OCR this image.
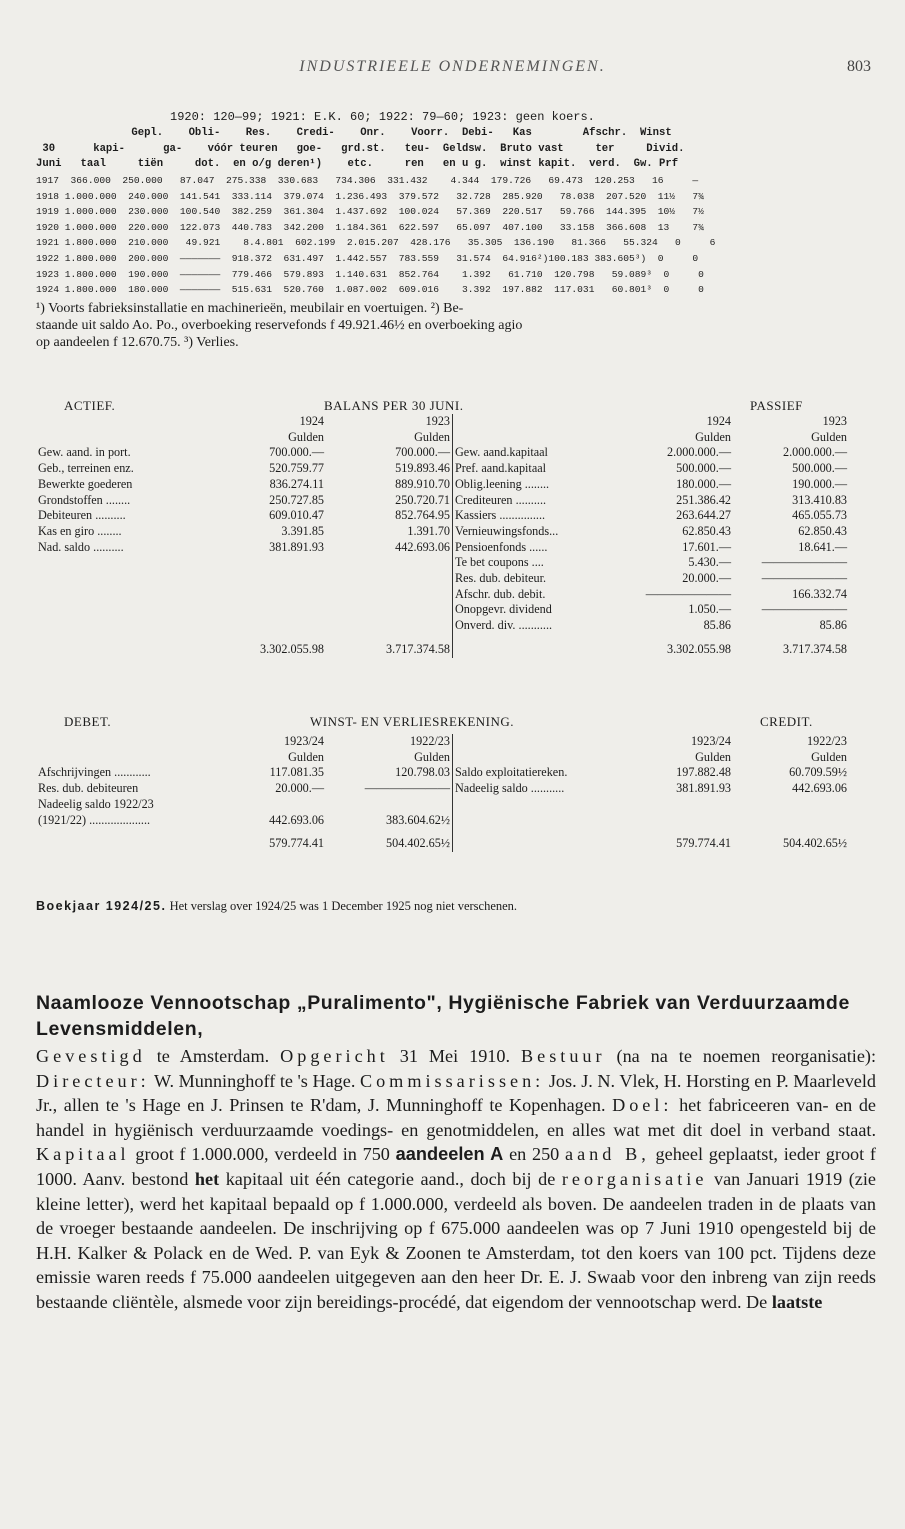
INDUSTRIEELE ONDERNEMINGEN.	803
1920: 120—99; 1921: E.K. 60; 1922: 79—60; 1923: geen koers.
Gepl.    Obli-    Res.    Credi-    Onr.    Voorr.  Debi-   Kas        Afschr.  Winst
30      kapi-      ga-    vóór teuren   goe-   grd.st.   teu-  Geldsw.  Bruto vast     ter     Divid.
Juni   taal     tiën     dot.  en o/g deren¹)    etc.     ren   en u g.  winst kapit.  verd.  Gw. Prf
1917  366.000  250.000   87.047  275.338  330.683   734.306  331.432    4.344  179.726   69.473  120.253   16     —
1918 1.000.000  240.000  141.541  333.114  379.074  1.236.493  379.572   32.728  285.920   78.038  207.520  11½   7¾
1919 1.000.000  230.000  100.540  382.259  361.304  1.437.692  100.024   57.369  220.517   59.766  144.395  10½   7½
1920 1.000.000  220.000  122.073  440.783  342.200  1.184.361  622.597   65.097  407.100   33.158  366.608  13    7¾
1921 1.800.000  210.000   49.921    8.4.801  602.199  2.015.207  428.176   35.305  136.190   81.366   55.324   0     6
1922 1.800.000  200.000  ———————  918.372  631.497  1.442.557  783.559   31.574  64.916²)100.183 383.605³)  0     0
1923 1.800.000  190.000  ———————  779.466  579.893  1.140.631  852.764    1.392   61.710  120.798   59.089³  0     0
1924 1.800.000  180.000  ———————  515.631  520.760  1.087.002  609.016    3.392  197.882  117.031   60.801³  0     0
¹) Voorts fabrieksinstallatie en machinerieën, meubilair en voertuigen. ²) Be-
staande uit saldo Ao. Po., overboeking reservefonds f 49.921.46½ en overboeking agio
op aandeelen f 12.670.75. ³) Verlies.
ACTIEF.	BALANS PER 30 JUNI.	PASSIEF
	1924	1923		1924	1923
	Gulden	Gulden		Gulden	Gulden
Gew. aand. in port.	700.000.—	700.000.—	Gew. aand.kapitaal	2.000.000.—	2.000.000.—
Geb., terreinen enz.	520.759.77	519.893.46	Pref. aand.kapitaal	500.000.—	500.000.—
Bewerkte goederen	836.274.11	889.910.70	Oblig.leening ........	180.000.—	190.000.—
Grondstoffen ........	250.727.85	250.720.71	Crediteuren ..........	251.386.42	313.410.83
Debiteuren ..........	609.010.47	852.764.95	Kassiers ...............	263.644.27	465.055.73
Kas en giro ........	3.391.85	1.391.70	Vernieuwingsfonds...	62.850.43	62.850.43
Nad. saldo ..........	381.891.93	442.693.06	Pensioenfonds ......	17.601.—	18.641.—
			Te bet coupons ....	5.430.—	———————
			Res. dub. debiteur.	20.000.—	———————
			Afschr. dub. debit.	———————	166.332.74
			Onopgevr. dividend	1.050.—	———————
			Onverd. div. ...........	85.86	85.86
	3.302.055.98	3.717.374.58		3.302.055.98	3.717.374.58
DEBET.	WINST- EN VERLIESREKENING.	CREDIT.
	1923/24	1922/23		1923/24	1922/23
	Gulden	Gulden		Gulden	Gulden
Afschrijvingen ............	117.081.35	120.798.03	Saldo exploitatiereken.	197.882.48	60.709.59½
Res. dub. debiteuren	20.000.—	———————	Nadeelig saldo ...........	381.891.93	442.693.06
Nadeelig saldo 1922/23					
(1921/22) ....................	442.693.06	383.604.62½			
	579.774.41	504.402.65½		579.774.41	504.402.65½
Boekjaar 1924/25. Het verslag over 1924/25 was 1 December 1925 nog niet verschenen.
Naamlooze Vennootschap „Puralimento", Hygiënische Fabriek van Verduurzaamde Levensmiddelen,
Gevestigd te Amsterdam. Opgericht 31 Mei 1910. Bestuur (na na te noemen reorganisatie): Directeur: W. Munninghoff te 's Hage. Commissarissen: Jos. J. N. Vlek, H. Horsting en P. Maarleveld Jr., allen te 's Hage en J. Prinsen te R'dam, J. Munninghoff te Kopenhagen. Doel: het fabriceeren van- en de handel in hygiënisch verduurzaamde voedings- en genotmiddelen, en alles wat met dit doel in verband staat. Kapitaal groot f 1.000.000, verdeeld in 750 aandeelen A en 250 aand B, geheel geplaatst, ieder groot f 1000. Aanv. bestond het kapitaal uit één categorie aand., doch bij de reorganisatie van Januari 1919 (zie kleine letter), werd het kapitaal bepaald op f 1.000.000, verdeeld als boven. De aandeelen traden in de plaats van de vroeger bestaande aandeelen. De inschrijving op f 675.000 aandeelen was op 7 Juni 1910 opengesteld bij de H.H. Kalker & Polack en de Wed. P. van Eyk & Zoonen te Amsterdam, tot den koers van 100 pct. Tijdens deze emissie waren reeds f 75.000 aandeelen uitgegeven aan den heer Dr. E. J. Swaab voor den inbreng van zijn reeds bestaande cliëntèle, alsmede voor zijn bereidings-procédé, dat eigendom der vennootschap werd. De laatste
